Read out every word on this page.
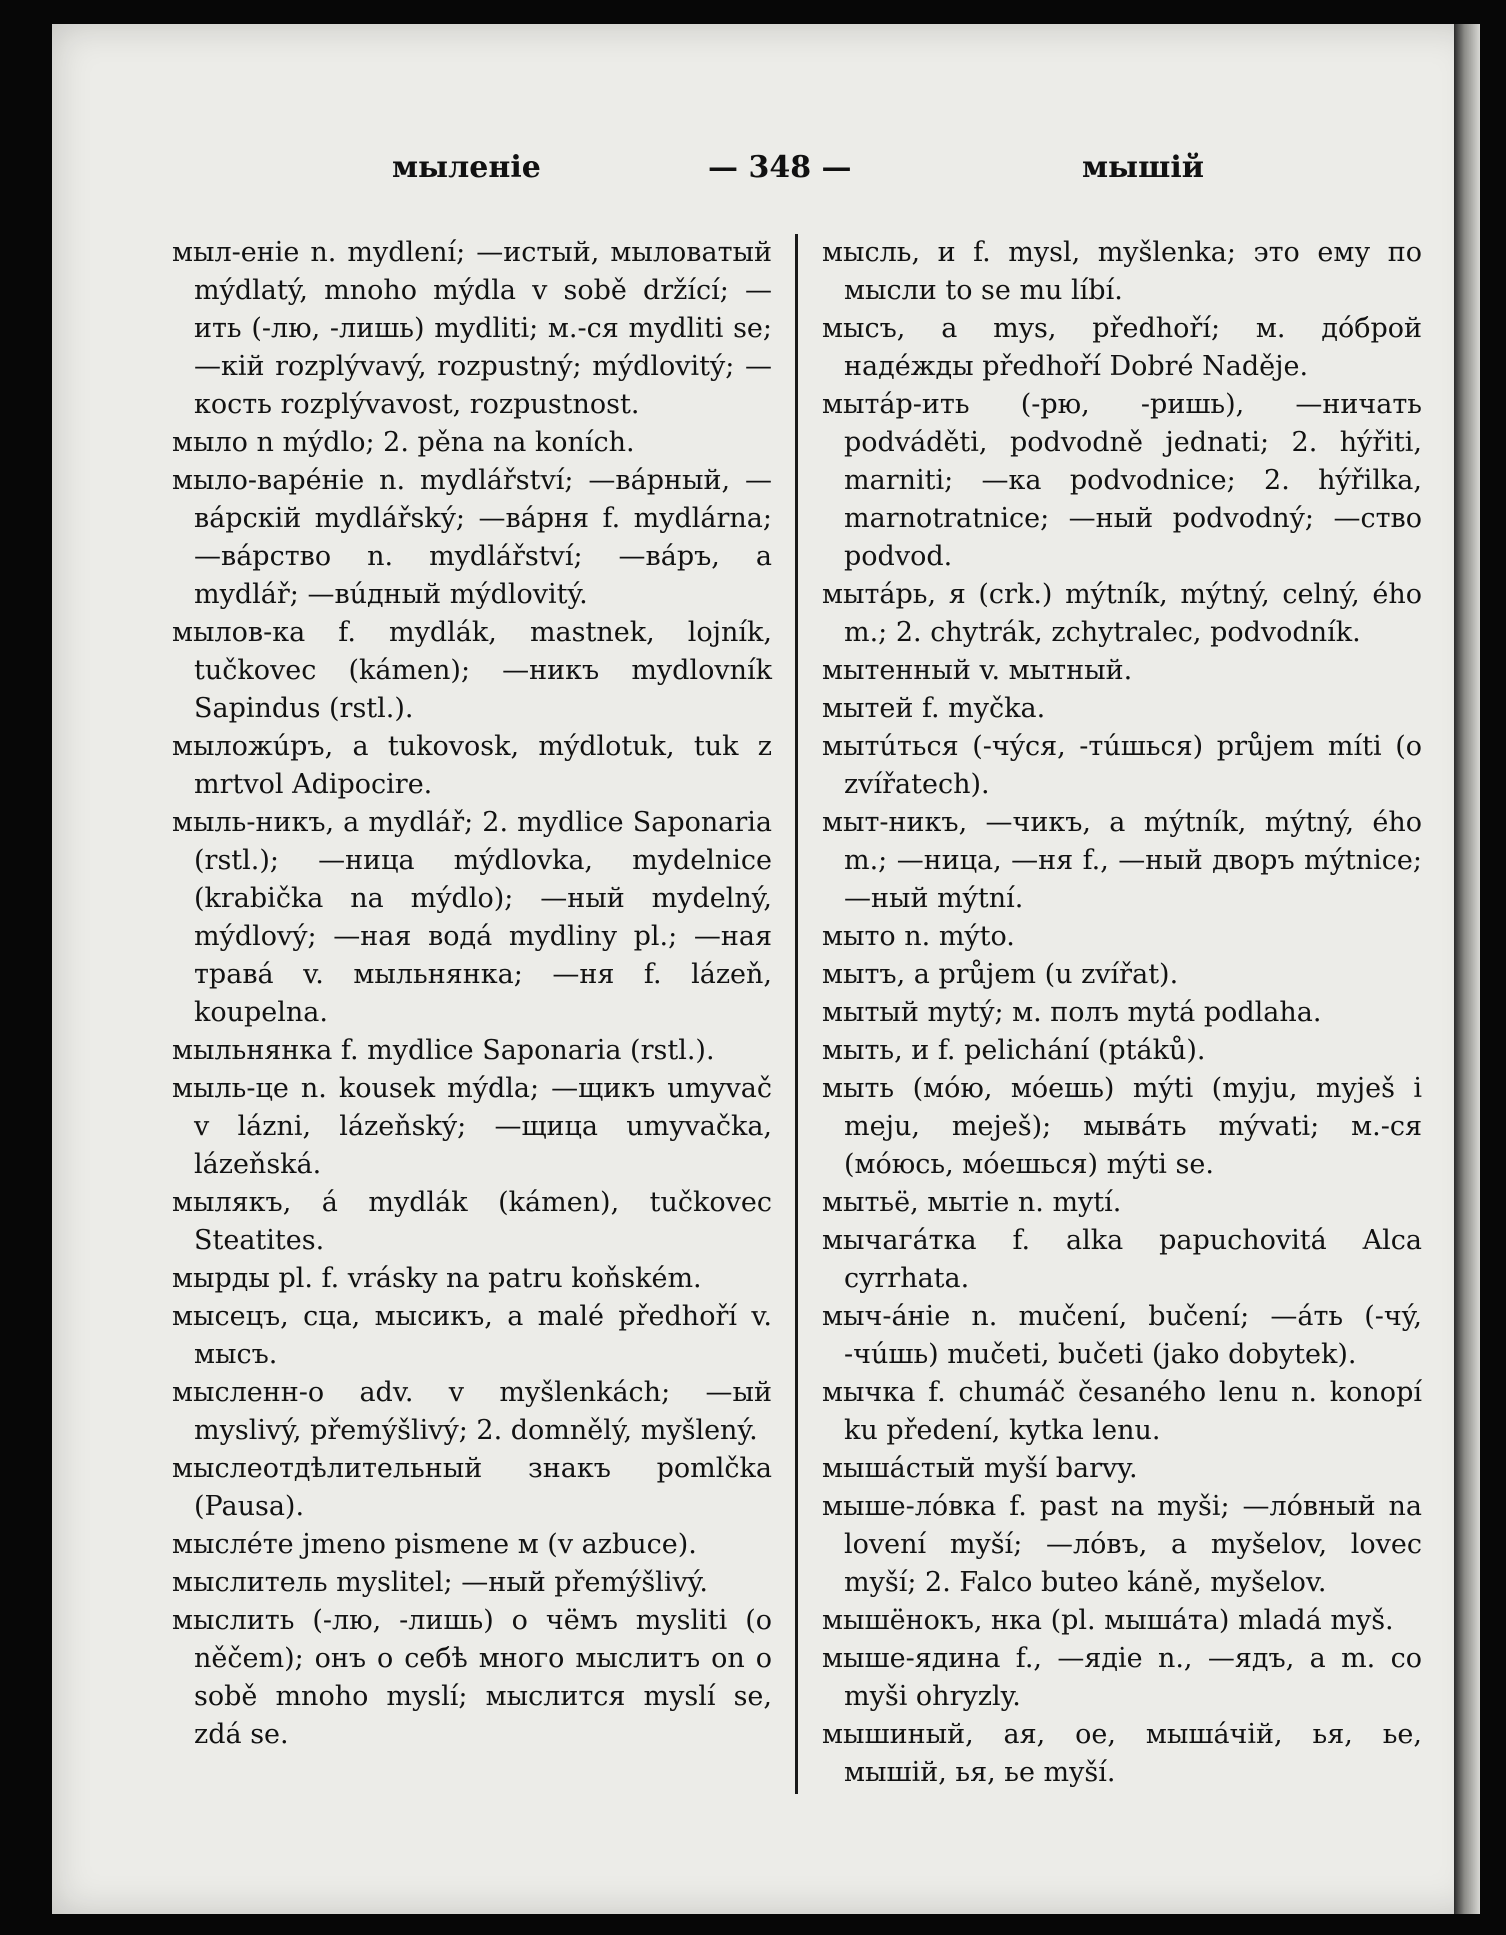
мыленie	— 348 —	мышій

мыл-енie n. mydlení; —истый, мыловатый mýdlatý, mnoho mýdla v sobě držící; —ить (-лю, -лишь) mydliti; м.-ся mydliti se; —кій rozplývavý, rozpustný; mýdlovitý; —кость rozplývavost, rozpustnost.

мыло n mýdlo; 2. pěna na koních.

мыло-варéнie n. mydlářství; —вáрный, —вáрскій mydlářský; —вáрня f. mydlárna; —вáрство n. mydlářství; —вáръ, а mydlář; —вúдный mýdlovitý.

мылов-ка f. mydlák, mastnek, lojník, tučkovec (kámen); —никъ mydlovník Sapindus (rstl.).

мыложúръ, а tukovosk, mýdlotuk, tuk z mrtvol Adipocire.

мыль-никъ, а mydlář; 2. mydlice Saponaria (rstl.); —ница mýdlovka, mydelnice (krabička na mýdlo); —ный mydelný, mýdlový; —ная водá mydliny pl.; —ная травá v. мыльнянка; —ня f. lázeň, koupelna.

мыльнянка f. mydlice Saponaria (rstl.).

мыль-це n. kousek mýdla; —щикъ umyvač v lázni, lázeňský; —щица umyvačka, lázeňská.

мылякъ, á mydlák (kámen), tučkovec Steatites.

мырды pl. f. vrásky na patru koňském.

мысецъ, сца, мысикъ, а malé předhoří v. мысъ.

мысленн-о adv. v myšlenkách; —ый myslivý, přemýšlivý; 2. domnělý, myšlený.

мыслеотдѣлительный знакъ pomlčka (Pausa).

мыслéте jmeno pismene м (v azbuce).

мыслитель myslitel; —ный přemýšlivý.

мыслить (-лю, -лишь) о чёмъ mysliti (o něčem); онъ о себѣ много мыслитъ on o sobě mnoho myslí; мыслится myslí se, zdá se.

мысль, и f. mysl, myšlenka; это ему по мысли to se mu líbí.

мысъ, а mys, předhoří; м. дóброй надéжды předhoří Dobré Naděje.

мытáр-ить (-рю, -ришь), —ничать podváděti, podvodně jednati; 2. hýřiti, marniti; —ка podvodnice; 2. hýřilka, marnotratnice; —ный podvodný; —ство podvod.

мытáрь, я (crk.) mýtník, mýtný, celný, ého m.; 2. chytrák, zchytralec, podvodník.

мытенный v. мытный.

мытей f. myčka.

мытúться (-чýся, -тúшься) průjem míti (o zvířatech).

мыт-никъ, —чикъ, а mýtník, mýtný, ého m.; —ница, —ня f., —ный дворъ mýtnice; —ный mýtní.

мыто n. mýto.

мытъ, а průjem (u zvířat).

мытый mytý; м. полъ mytá podlaha.

мыть, и f. pelichání (ptáků).

мыть (мóю, мóешь) mýti (myju, myješ i meju, meješ); мывáть mývati; м.-ся (мóюсь, мóешься) mýti se.

мытьё, мытie n. mytí.

мычагáтка f. alka papuchovitá Alca cyrrhata.

мыч-áнie n. mučení, bučení; —áть (-чý, -чúшь) mučeti, bučeti (jako dobytek).

мычка f. chumáč česaného lenu n. konopí ku předení, kytka lenu.

мышáстый myší barvy.

мыше-лóвка f. past na myši; —лóвный na lovení myší; —лóвъ, а myšelov, lovec myší; 2. Falco buteo káně, myšelov.

мышёнокъ, нка (pl. мышáта) mladá myš.

мыше-ядина f., —ядie n., —ядъ, а m. co myši ohryzly.

мышиный, ая, ое, мышáчій, ья, ье, мышій, ья, ье myší.
